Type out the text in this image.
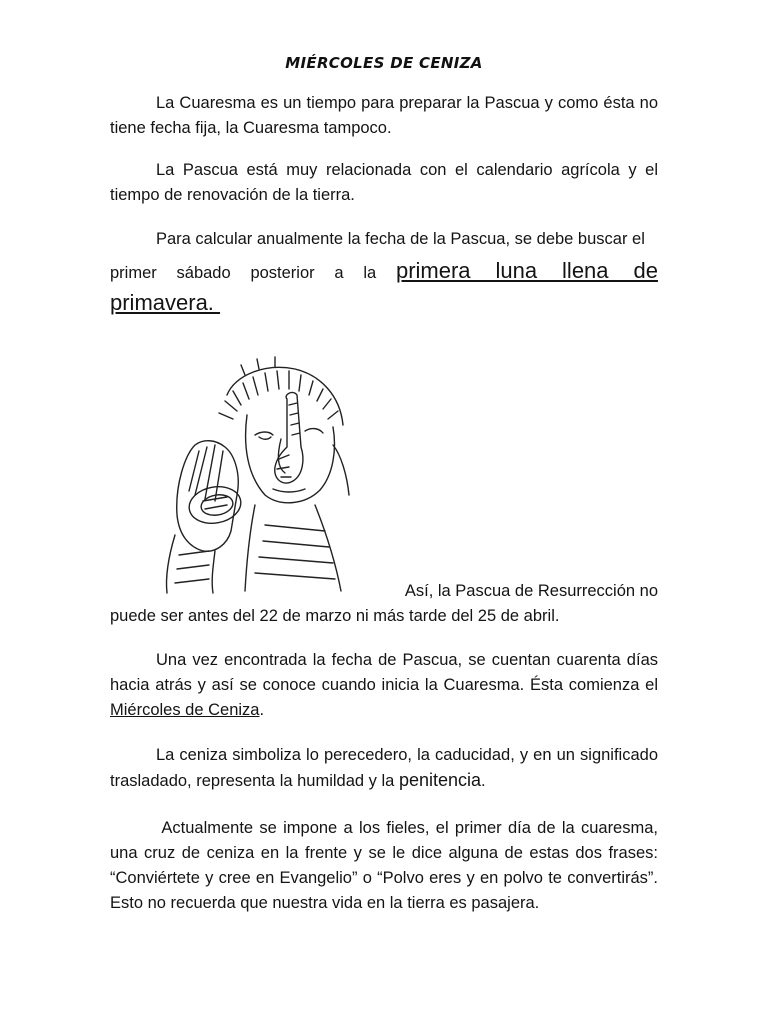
MIÉRCOLES DE CENIZA

La Cuaresma es un tiempo para preparar la Pascua y como ésta no tiene fecha fija, la Cuaresma tampoco.

La Pascua está muy relacionada con el calendario agrícola y el tiempo de renovación de la tierra.

Para calcular anualmente la fecha de la Pascua, se debe buscar el
primer sábado posterior a la primera luna llena de
primavera.
Así, la Pascua de Resurrección no
puede ser antes del 22 de marzo ni más tarde del 25 de abril.

Una vez encontrada la fecha de Pascua, se cuentan cuarenta días hacia atrás y así se conoce cuando inicia la Cuaresma. Ésta comienza el Miércoles de Ceniza.

La ceniza simboliza lo perecedero, la caducidad, y en un significado trasladado, representa la humildad y la penitencia.

Actualmente se impone a los fieles, el primer día de la cuaresma, una cruz de ceniza en la frente y se le dice alguna de estas dos frases: “Conviértete y cree en Evangelio” o “Polvo eres y en polvo te convertirás”.  Esto no recuerda que nuestra vida en la tierra es pasajera.
